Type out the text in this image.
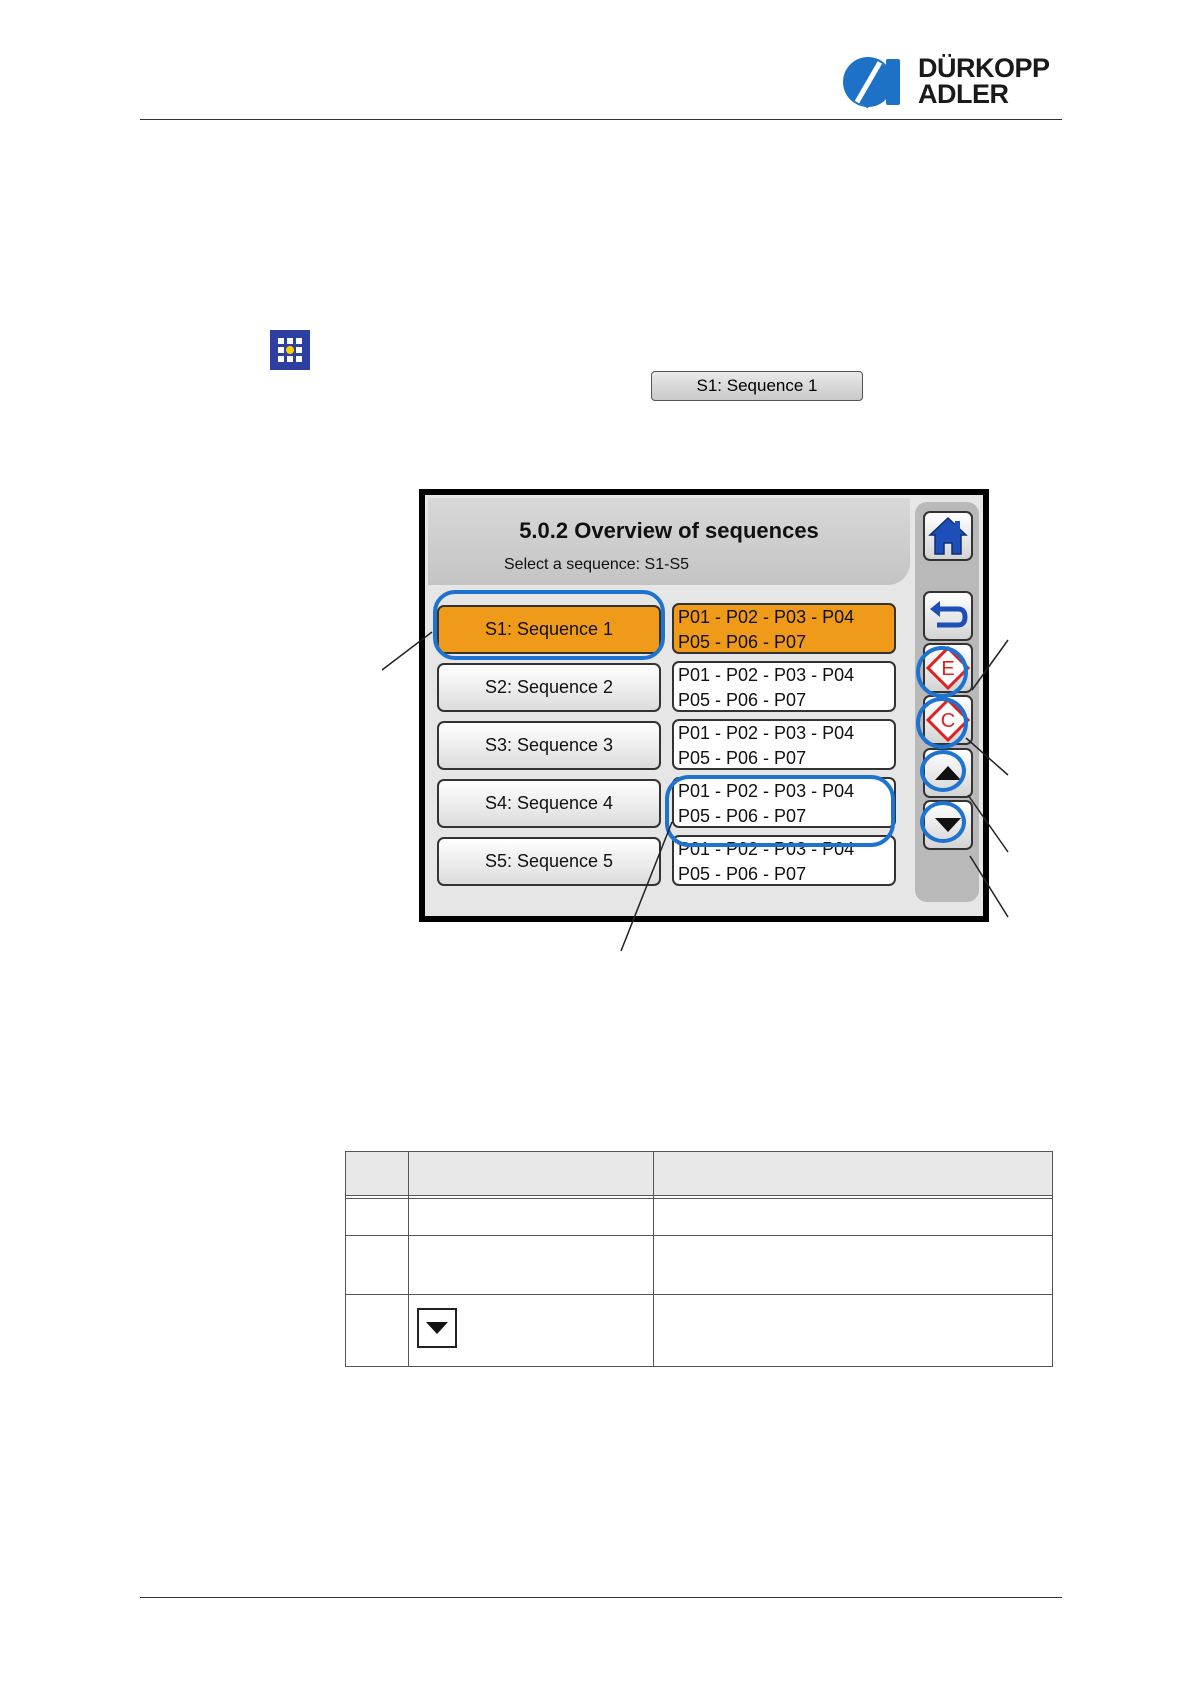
DÜRKOPP
ADLER
S1: Sequence 1
5.0.2 Overview of sequences
Select a sequence: S1-S5
S1: Sequence 1
P01 - P02 - P03 - P04
P05 - P06 - P07
S2: Sequence 2
P01 - P02 - P03 - P04
P05 - P06 - P07
S3: Sequence 3
P01 - P02 - P03 - P04
P05 - P06 - P07
S4: Sequence 4
P01 - P02 - P03 - P04
P05 - P06 - P07
S5: Sequence 5
P01 - P02 - P03 - P04
P05 - P06 - P07
E
C
